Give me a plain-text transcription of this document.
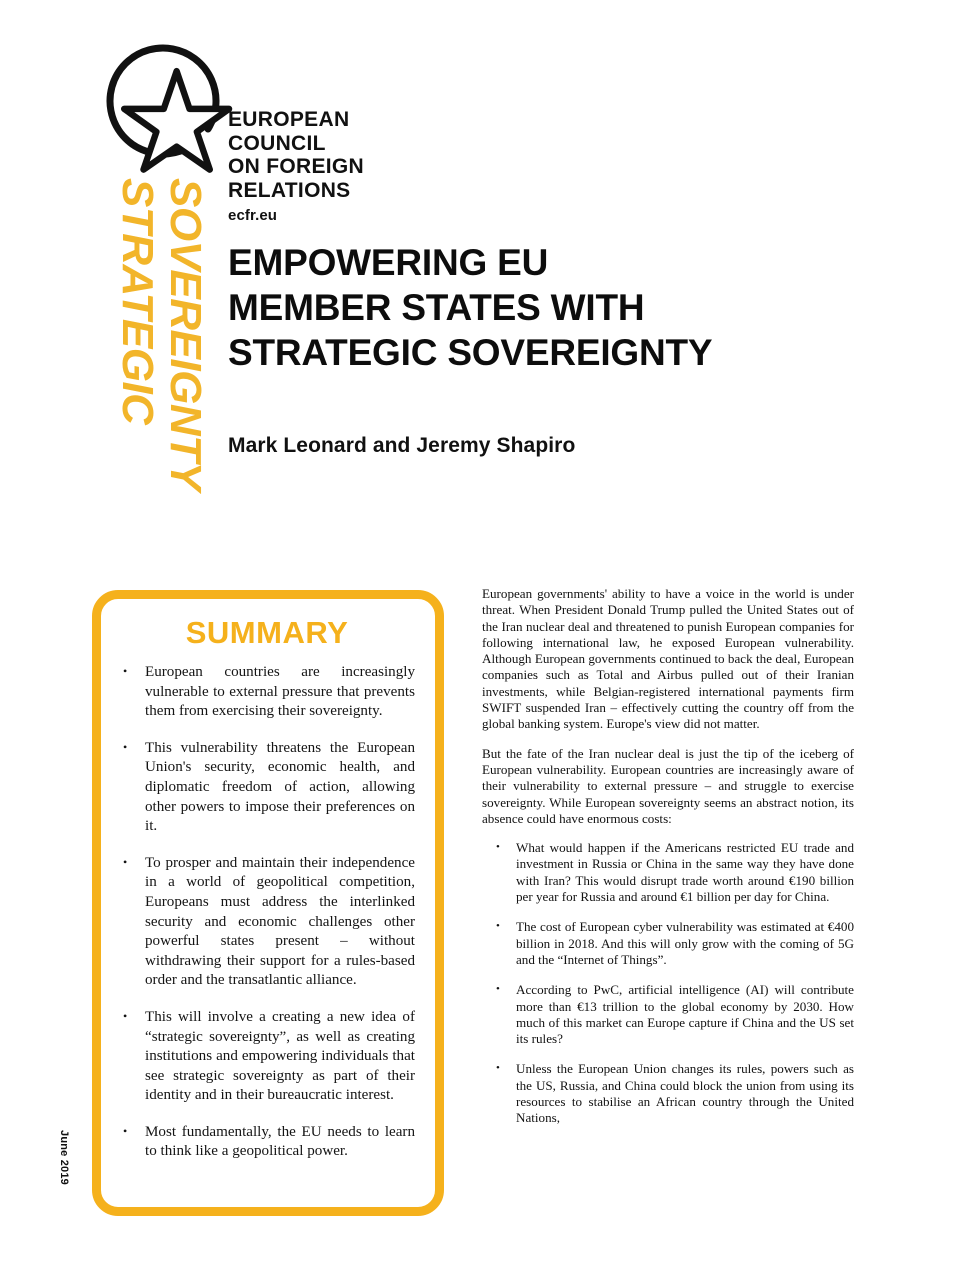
EUROPEAN
COUNCIL
ON FOREIGN
RELATIONS
ecfr.eu
STRATEGIC SOVEREIGNTY EMPOWERING EU
MEMBER STATES WITH
STRATEGIC SOVEREIGNTY
Mark Leonard and Jeremy Shapiro
June 2019
SUMMARY
• European countries are increasingly vulnerable to external pressure that prevents them from exercising their sovereignty.
• This vulnerability threatens the European Union's security, economic health, and diplomatic freedom of action, allowing other powers to impose their preferences on it.
• To prosper and maintain their independence in a world of geopolitical competition, Europeans must address the interlinked security and economic challenges other powerful states present – without withdrawing their support for a rules-based order and the transatlantic alliance.
• This will involve a creating a new idea of “strategic sovereignty”, as well as creating institutions and empowering individuals that see strategic sovereignty as part of their identity and in their bureaucratic interest.
• Most fundamentally, the EU needs to learn to think like a geopolitical power.

European governments' ability to have a voice in the world is under threat. When President Donald Trump pulled the United States out of the Iran nuclear deal and threatened to punish European companies for following international law, he exposed European vulnerability. Although European governments continued to back the deal, European companies such as Total and Airbus pulled out of their Iranian investments, while Belgian-registered international payments firm SWIFT suspended Iran – effectively cutting the country off from the global banking system. Europe's view did not matter.

But the fate of the Iran nuclear deal is just the tip of the iceberg of European vulnerability. European countries are increasingly aware of their vulnerability to external pressure – and struggle to exercise sovereignty. While European sovereignty seems an abstract notion, its absence could have enormous costs:

• What would happen if the Americans restricted EU trade and investment in Russia or China in the same way they have done with Iran? This would disrupt trade worth around €190 billion per year for Russia and around €1 billion per day for China.
• The cost of European cyber vulnerability was estimated at €400 billion in 2018. And this will only grow with the coming of 5G and the “Internet of Things”.
• According to PwC, artificial intelligence (AI) will contribute more than €13 trillion to the global economy by 2030. How much of this market can Europe capture if China and the US set its rules?
• Unless the European Union changes its rules, powers such as the US, Russia, and China could block the union from using its resources to stabilise an African country through the United Nations,
